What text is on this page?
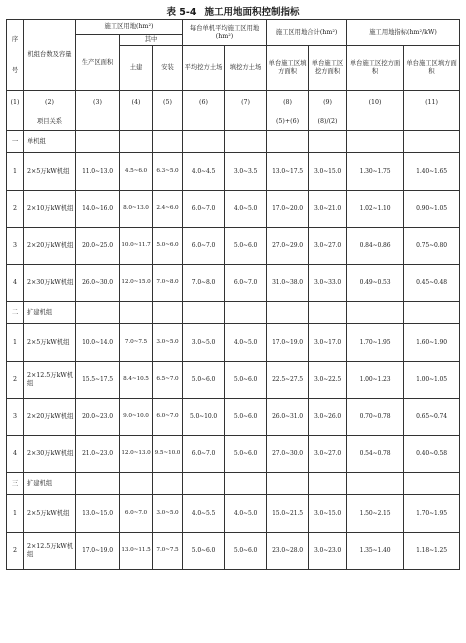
表 5-4 施工用地面积控制指标
序

号	机组台数及容量	施工区用地(hm²)			每台单机平均施工区用地(hm²)		施工区用地合计(hm²)		施工用地指标(hm²/kW)	
		生产区面积	其中							
			土建	安装	平均挖方土场	填挖方土场	单台施工区填方面积	单台施工区挖方面积	单台施工区挖方面积	单台施工区填方面积
(1)	(2)	(3)	(4)	(5)	(6)	(7)	(8)	(9)	(10)	(11)
	项目关系						(5)+(6)	(8)/(2)		
一	单机组									
1	2×5万kW机组	11.0~13.0	4.5~6.0	6.3~5.0	4.0~4.5	3.0~3.5	13.0~17.5	3.0~15.0	1.30~1.75	1.40~1.65
2	2×10万kW机组	14.0~16.0	8.0~13.0	2.4~6.0	6.0~7.0	4.0~5.0	17.0~20.0	3.0~21.0	1.02~1.10	0.90~1.05
3	2×20万kW机组	20.0~25.0	10.0~11.7	5.0~6.0	6.0~7.0	5.0~6.0	27.0~29.0	3.0~27.0	0.84~0.86	0.75~0.80
4	2×30万kW机组	26.0~30.0	12.0~15.0	7.0~8.0	7.0~8.0	6.0~7.0	31.0~38.0	3.0~33.0	0.49~0.53	0.45~0.48
二	扩建机组									
1	2×5万kW机组	10.0~14.0	7.0~7.5	3.0~5.0	3.0~5.0	4.0~5.0	17.0~19.0	3.0~17.0	1.70~1.95	1.60~1.90
2	2×12.5万kW机组	15.5~17.5	8.4~10.5	6.5~7.0	5.0~6.0	5.0~6.0	22.5~27.5	3.0~22.5	1.00~1.23	1.00~1.05
3	2×20万kW机组	20.0~23.0	9.0~10.0	6.0~7.0	5.0~10.0	5.0~6.0	26.0~31.0	3.0~26.0	0.70~0.78	0.65~0.74
4	2×30万kW机组	21.0~23.0	12.0~13.0	9.5~10.0	6.0~7.0	5.0~6.0	27.0~30.0	3.0~27.0	0.54~0.78	0.40~0.58
三	扩建机组									
1	2×5万kW机组	13.0~15.0	6.0~7.0	3.0~5.0	4.0~5.5	4.0~5.0	15.0~21.5	3.0~15.0	1.50~2.15	1.70~1.95
2	2×12.5万kW机组	17.0~19.0	13.0~11.5	7.0~7.5	5.0~6.0	5.0~6.0	23.0~28.0	3.0~23.0	1.35~1.40	1.18~1.25
